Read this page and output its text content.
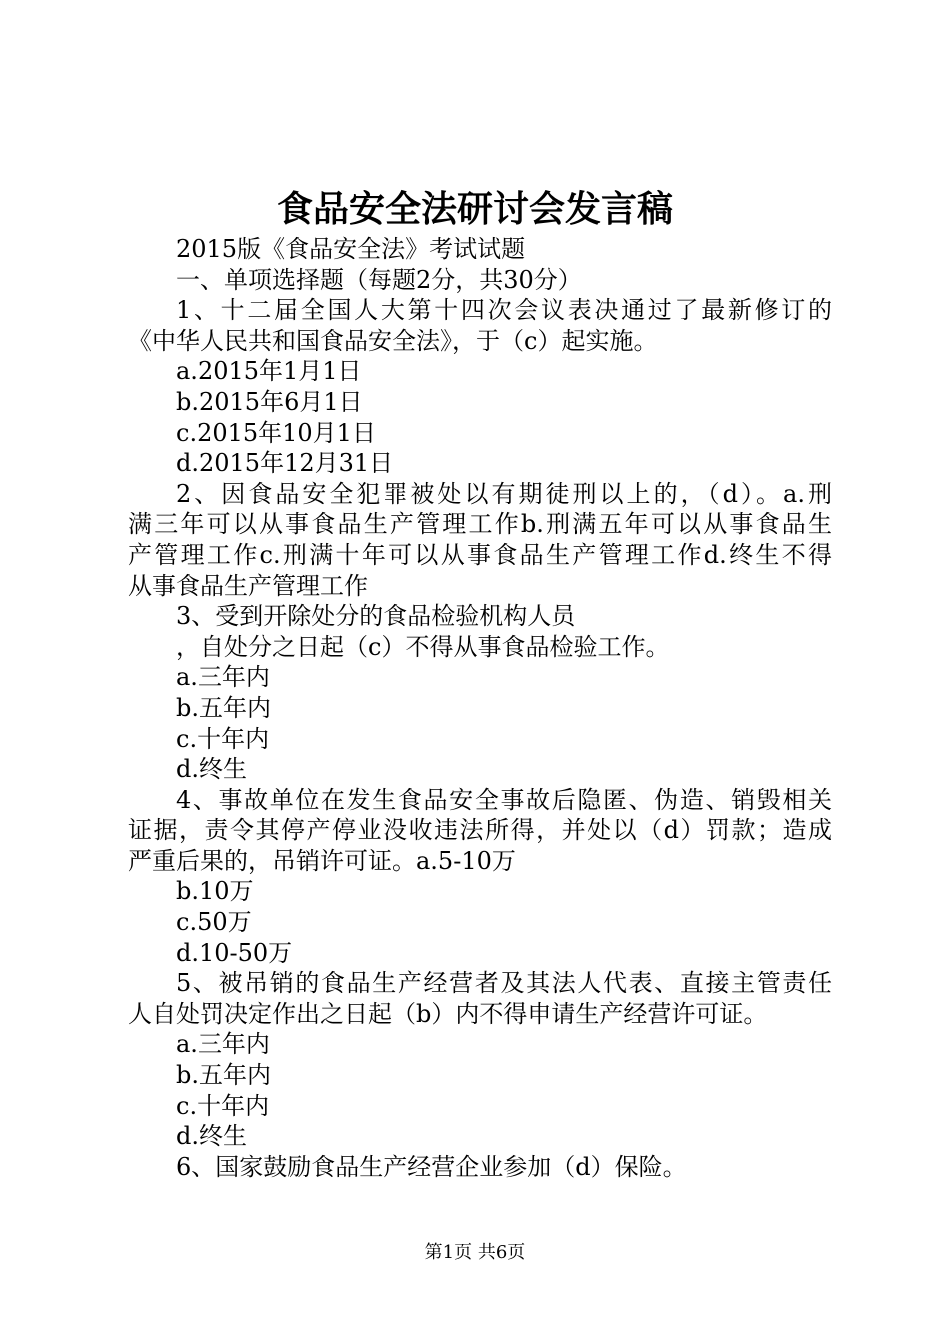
食品安全法研讨会发言稿
2015版《食品安全法》考试试题
一、单项选择题（每题2分，共30分）
1、十二届全国人大第十四次会议表决通过了最新修订的
《中华人民共和国食品安全法》，于（c）起实施。
a.2015年1月1日
b.2015年6月1日
c.2015年10月1日
d.2015年12月31日
2、因食品安全犯罪被处以有期徒刑以上的，（d）。a.刑
满三年可以从事食品生产管理工作b.刑满五年可以从事食品生
产管理工作c.刑满十年可以从事食品生产管理工作d.终生不得
从事食品生产管理工作
3、受到开除处分的食品检验机构人员
，自处分之日起（c）不得从事食品检验工作。
a.三年内
b.五年内
c.十年内
d.终生
4、事故单位在发生食品安全事故后隐匿、伪造、销毁相关
证据，责令其停产停业没收违法所得，并处以（d）罚款；造成
严重后果的，吊销许可证。a.5-10万
b.10万
c.50万
d.10-50万
5、被吊销的食品生产经营者及其法人代表、直接主管责任
人自处罚决定作出之日起（b）内不得申请生产经营许可证。
a.三年内
b.五年内
c.十年内
d.终生
6、国家鼓励食品生产经营企业参加（d）保险。
第1页 共6页
